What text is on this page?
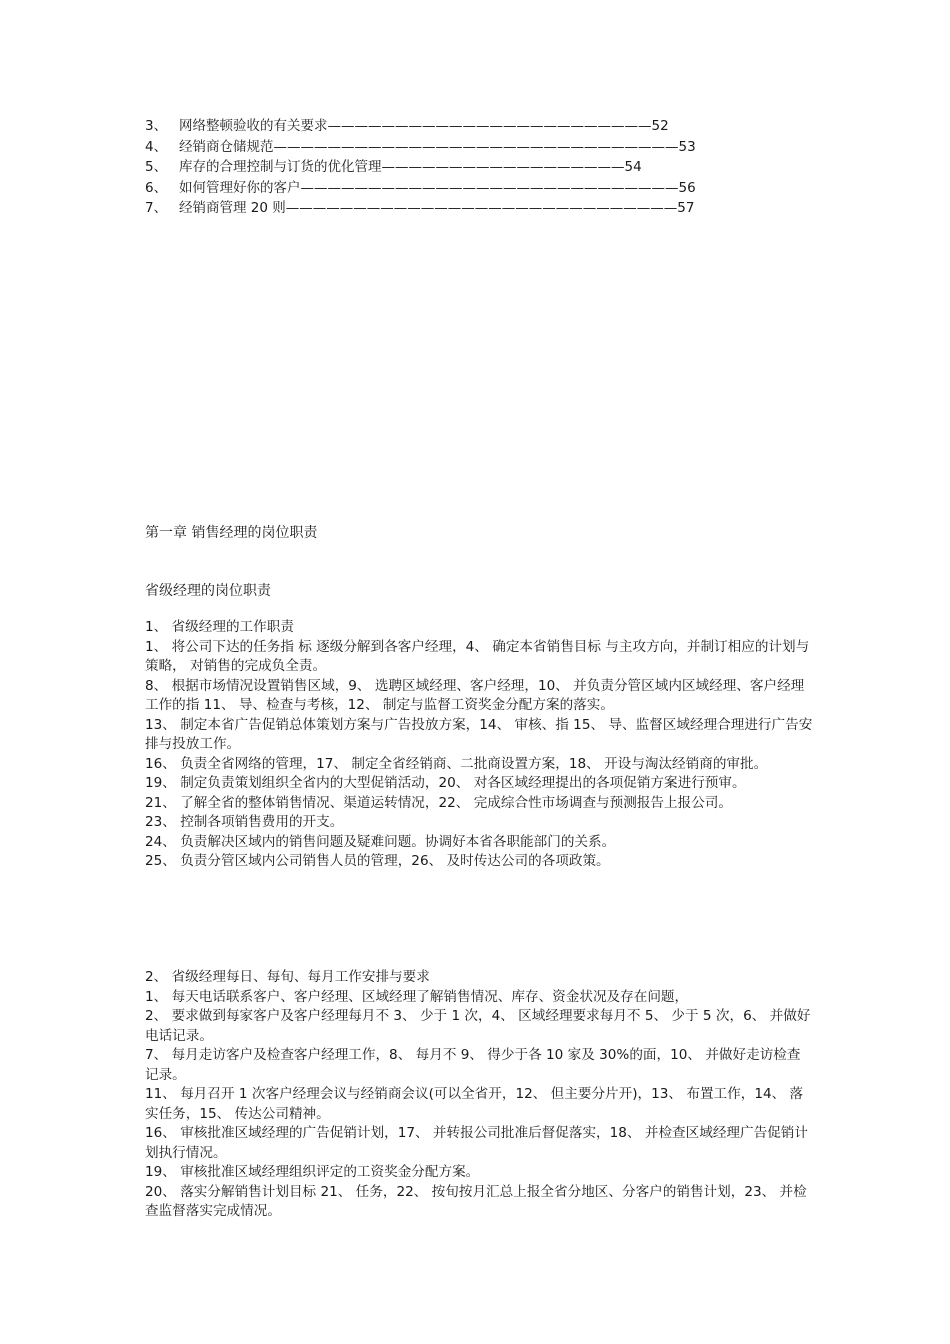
3、 网络整顿验收的有关要求————————————————————————52
4、 经销商仓储规范——————————————————————————————53
5、 库存的合理控制与订货的优化管理——————————————————54
6、 如何管理好你的客户————————————————————————————56
7、 经销商管理 20 则—————————————————————————————57
第一章 销售经理的岗位职责
省级经理的岗位职责

1、 省级经理的工作职责

1、 将公司下达的任务指 标 逐级分解到各客户经理，4、 确定本省销售目标 与主攻方向，并制订相应的计划与策略， 对销售的完成负全责。

8、 根据市场情况设置销售区域，9、 选聘区域经理、客户经理，10、 并负责分管区域内区域经理、客户经理工作的指 11、 导、检查与考核，12、 制定与监督工资奖金分配方案的落实。

13、 制定本省广告促销总体策划方案与广告投放方案，14、 审核、指 15、 导、监督区域经理合理进行广告安排与投放工作。

16、 负责全省网络的管理，17、 制定全省经销商、二批商设置方案，18、 开设与淘汰经销商的审批。

19、 制定负责策划组织全省内的大型促销活动，20、 对各区域经理提出的各项促销方案进行预审。

21、 了解全省的整体销售情况、渠道运转情况，22、 完成综合性市场调查与预测报告上报公司。

23、 控制各项销售费用的开支。

24、 负责解决区域内的销售问题及疑难问题。协调好本省各职能部门的关系。

25、 负责分管区域内公司销售人员的管理，26、 及时传达公司的各项政策。

2、 省级经理每日、每旬、每月工作安排与要求

1、 每天电话联系客户、客户经理、区域经理了解销售情况、库存、资金状况及存在问题，

2、 要求做到每家客户及客户经理每月不 3、 少于 1 次，4、 区域经理要求每月不 5、 少于 5 次，6、 并做好电话记录。

7、 每月走访客户及检查客户经理工作，8、 每月不 9、 得少于各 10 家及 30%的面，10、 并做好走访检查记录。

11、 每月召开 1 次客户经理会议与经销商会议(可以全省开，12、 但主要分片开)，13、 布置工作，14、 落实任务，15、 传达公司精神。

16、 审核批准区域经理的广告促销计划，17、 并转报公司批准后督促落实，18、 并检查区域经理广告促销计划执行情况。

19、 审核批准区域经理组织评定的工资奖金分配方案。

20、 落实分解销售计划目标 21、 任务，22、 按旬按月汇总上报全省分地区、分客户的销售计划，23、 并检查监督落实完成情况。
